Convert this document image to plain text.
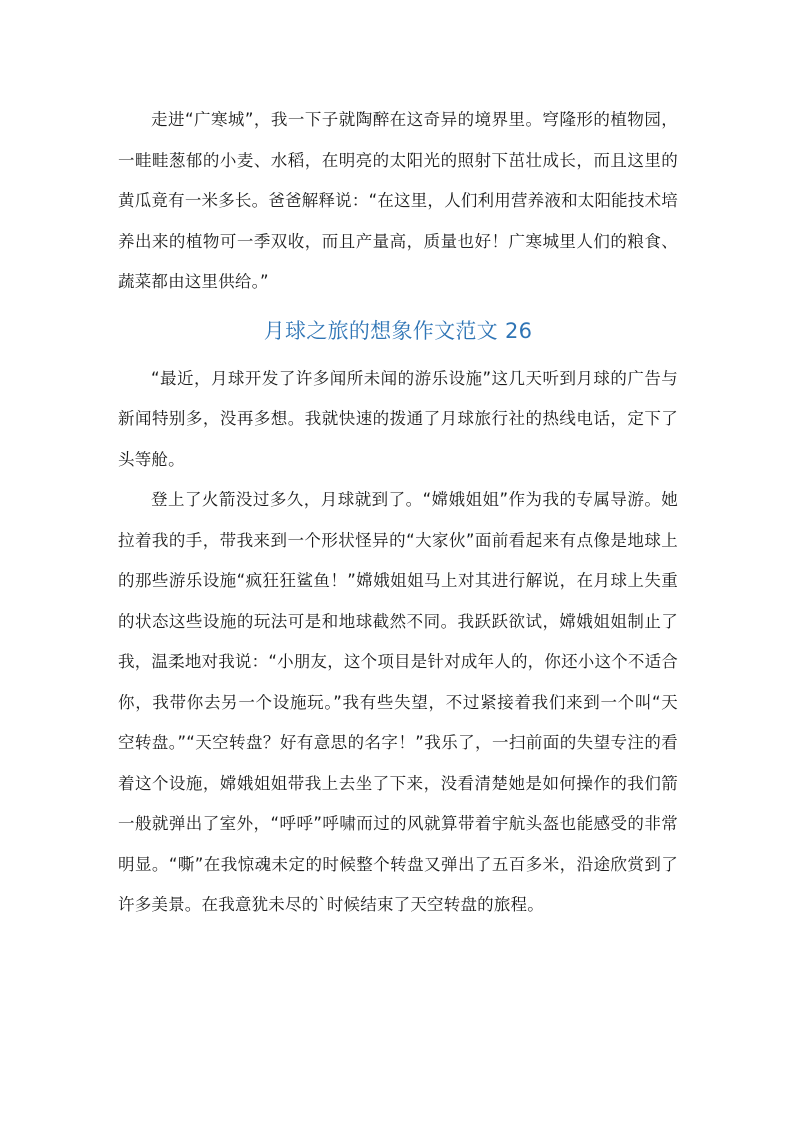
走进“广寒城”，我一下子就陶醉在这奇异的境界里。穹隆形的植物园，一畦畦葱郁的小麦、水稻，在明亮的太阳光的照射下茁壮成长，而且这里的黄瓜竟有一米多长。爸爸解释说：“在这里，人们利用营养液和太阳能技术培养出来的植物可一季双收，而且产量高，质量也好！广寒城里人们的粮食、蔬菜都由这里供给。”

月球之旅的想象作文范文 26

“最近，月球开发了许多闻所未闻的游乐设施”这几天听到月球的广告与新闻特别多，没再多想。我就快速的拨通了月球旅行社的热线电话，定下了头等舱。

登上了火箭没过多久，月球就到了。“嫦娥姐姐”作为我的专属导游。她拉着我的手，带我来到一个形状怪异的“大家伙”面前看起来有点像是地球上的那些游乐设施“疯狂狂鲨鱼！”嫦娥姐姐马上对其进行解说，在月球上失重的状态这些设施的玩法可是和地球截然不同。我跃跃欲试，嫦娥姐姐制止了我，温柔地对我说：“小朋友，这个项目是针对成年人的，你还小这个不适合你，我带你去另一个设施玩。”我有些失望，不过紧接着我们来到一个叫“天空转盘。”“天空转盘？好有意思的名字！”我乐了，一扫前面的失望专注的看着这个设施，嫦娥姐姐带我上去坐了下来，没看清楚她是如何操作的我们箭一般就弹出了室外，“呼呼”呼啸而过的风就算带着宇航头盔也能感受的非常明显。“嘶”在我惊魂未定的时候整个转盘又弹出了五百多米，沿途欣赏到了许多美景。在我意犹未尽的`时候结束了天空转盘的旅程。
